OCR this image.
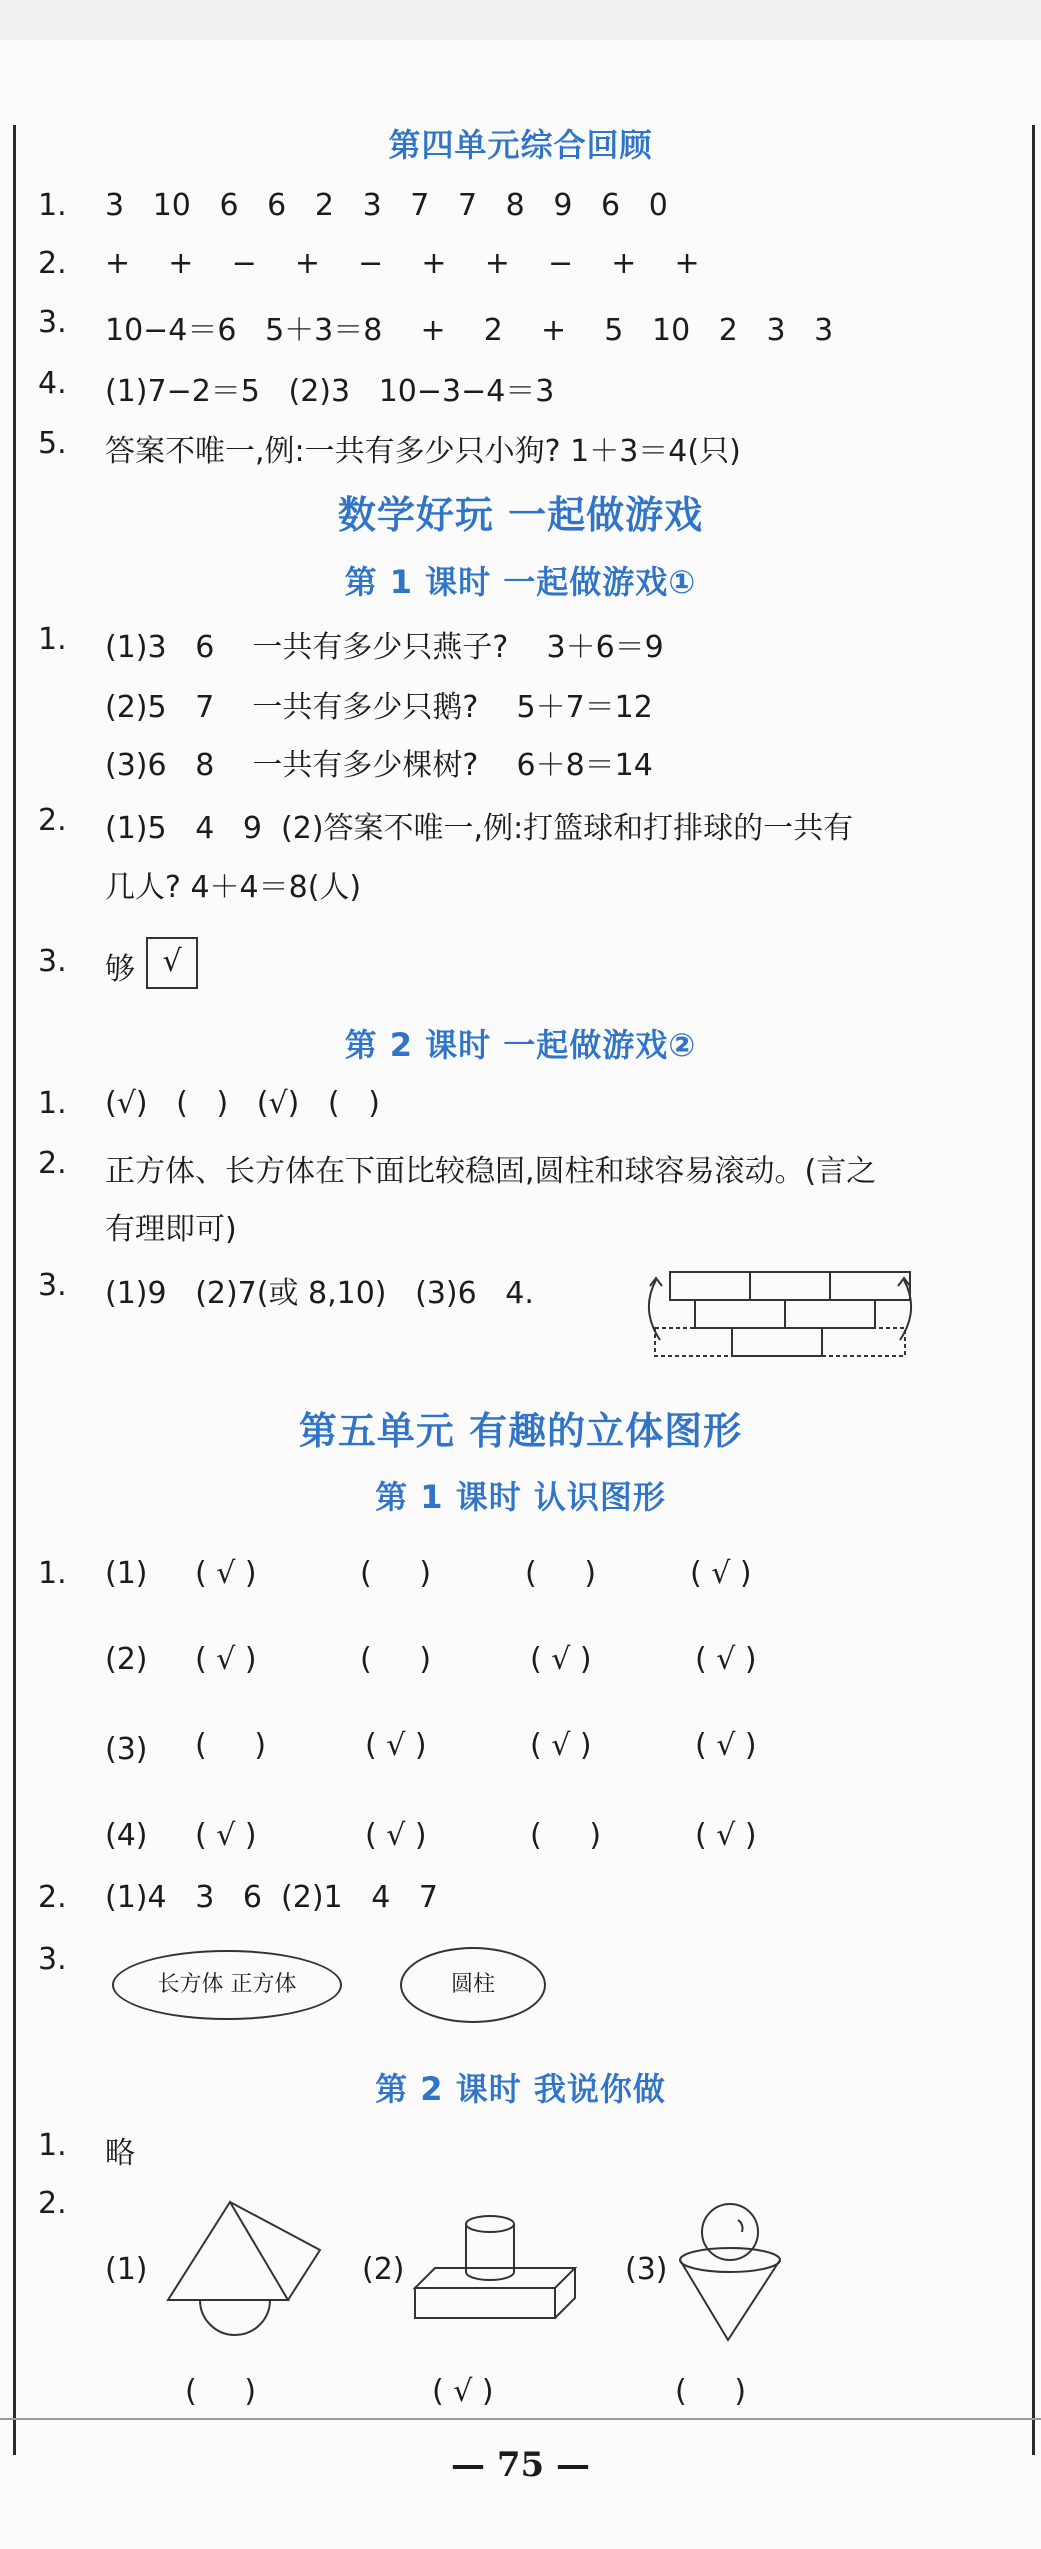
第四单元综合回顾
1. 3   10   6   6   2   3   7   7   8   9   6   0
2. +    +    −    +    −    +    +    −    +    +
3. 10−4＝6   5＋3＝8    +    2    +    5   10   2   3   3
4. (1)7−2＝5   (2)3   10−3−4＝3
5. 答案不唯一,例:一共有多少只小狗? 1＋3＝4(只)
数学好玩 一起做游戏
第 1 课时 一起做游戏①
1. (1)3   6    一共有多少只燕子?    3＋6＝9
(2)5   7    一共有多少只鹅?    5＋7＝12
(3)6   8    一共有多少棵树?    6＋8＝14
2. (1)5   4   9  (2)答案不唯一,例:打篮球和打排球的一共有
几人? 4＋4＝8(人)
3. 够 √
第 2 课时 一起做游戏②
1. (√)   (   )   (√)   (   )
2. 正方体、长方体在下面比较稳固,圆柱和球容易滚动。(言之
有理即可)
3. (1)9   (2)7(或 8,10)   (3)6   4.
第五单元 有趣的立体图形
第 1 课时 认识图形
1. (1) ( √ )	(     )	(     )	( √ )
(2) ( √ )	(     )	( √ )	( √ )
(3) (     )	( √ )	( √ )	( √ )
(4) ( √ )	( √ )	(     )	( √ )
2. (1)4   3   6  (2)1   4   7
3.
长方体 正方体	圆柱
第 2 课时 我说你做
1. 略
2.
(1)	(2)	(3)
(     )	( √ )	(     )
— 75 —
